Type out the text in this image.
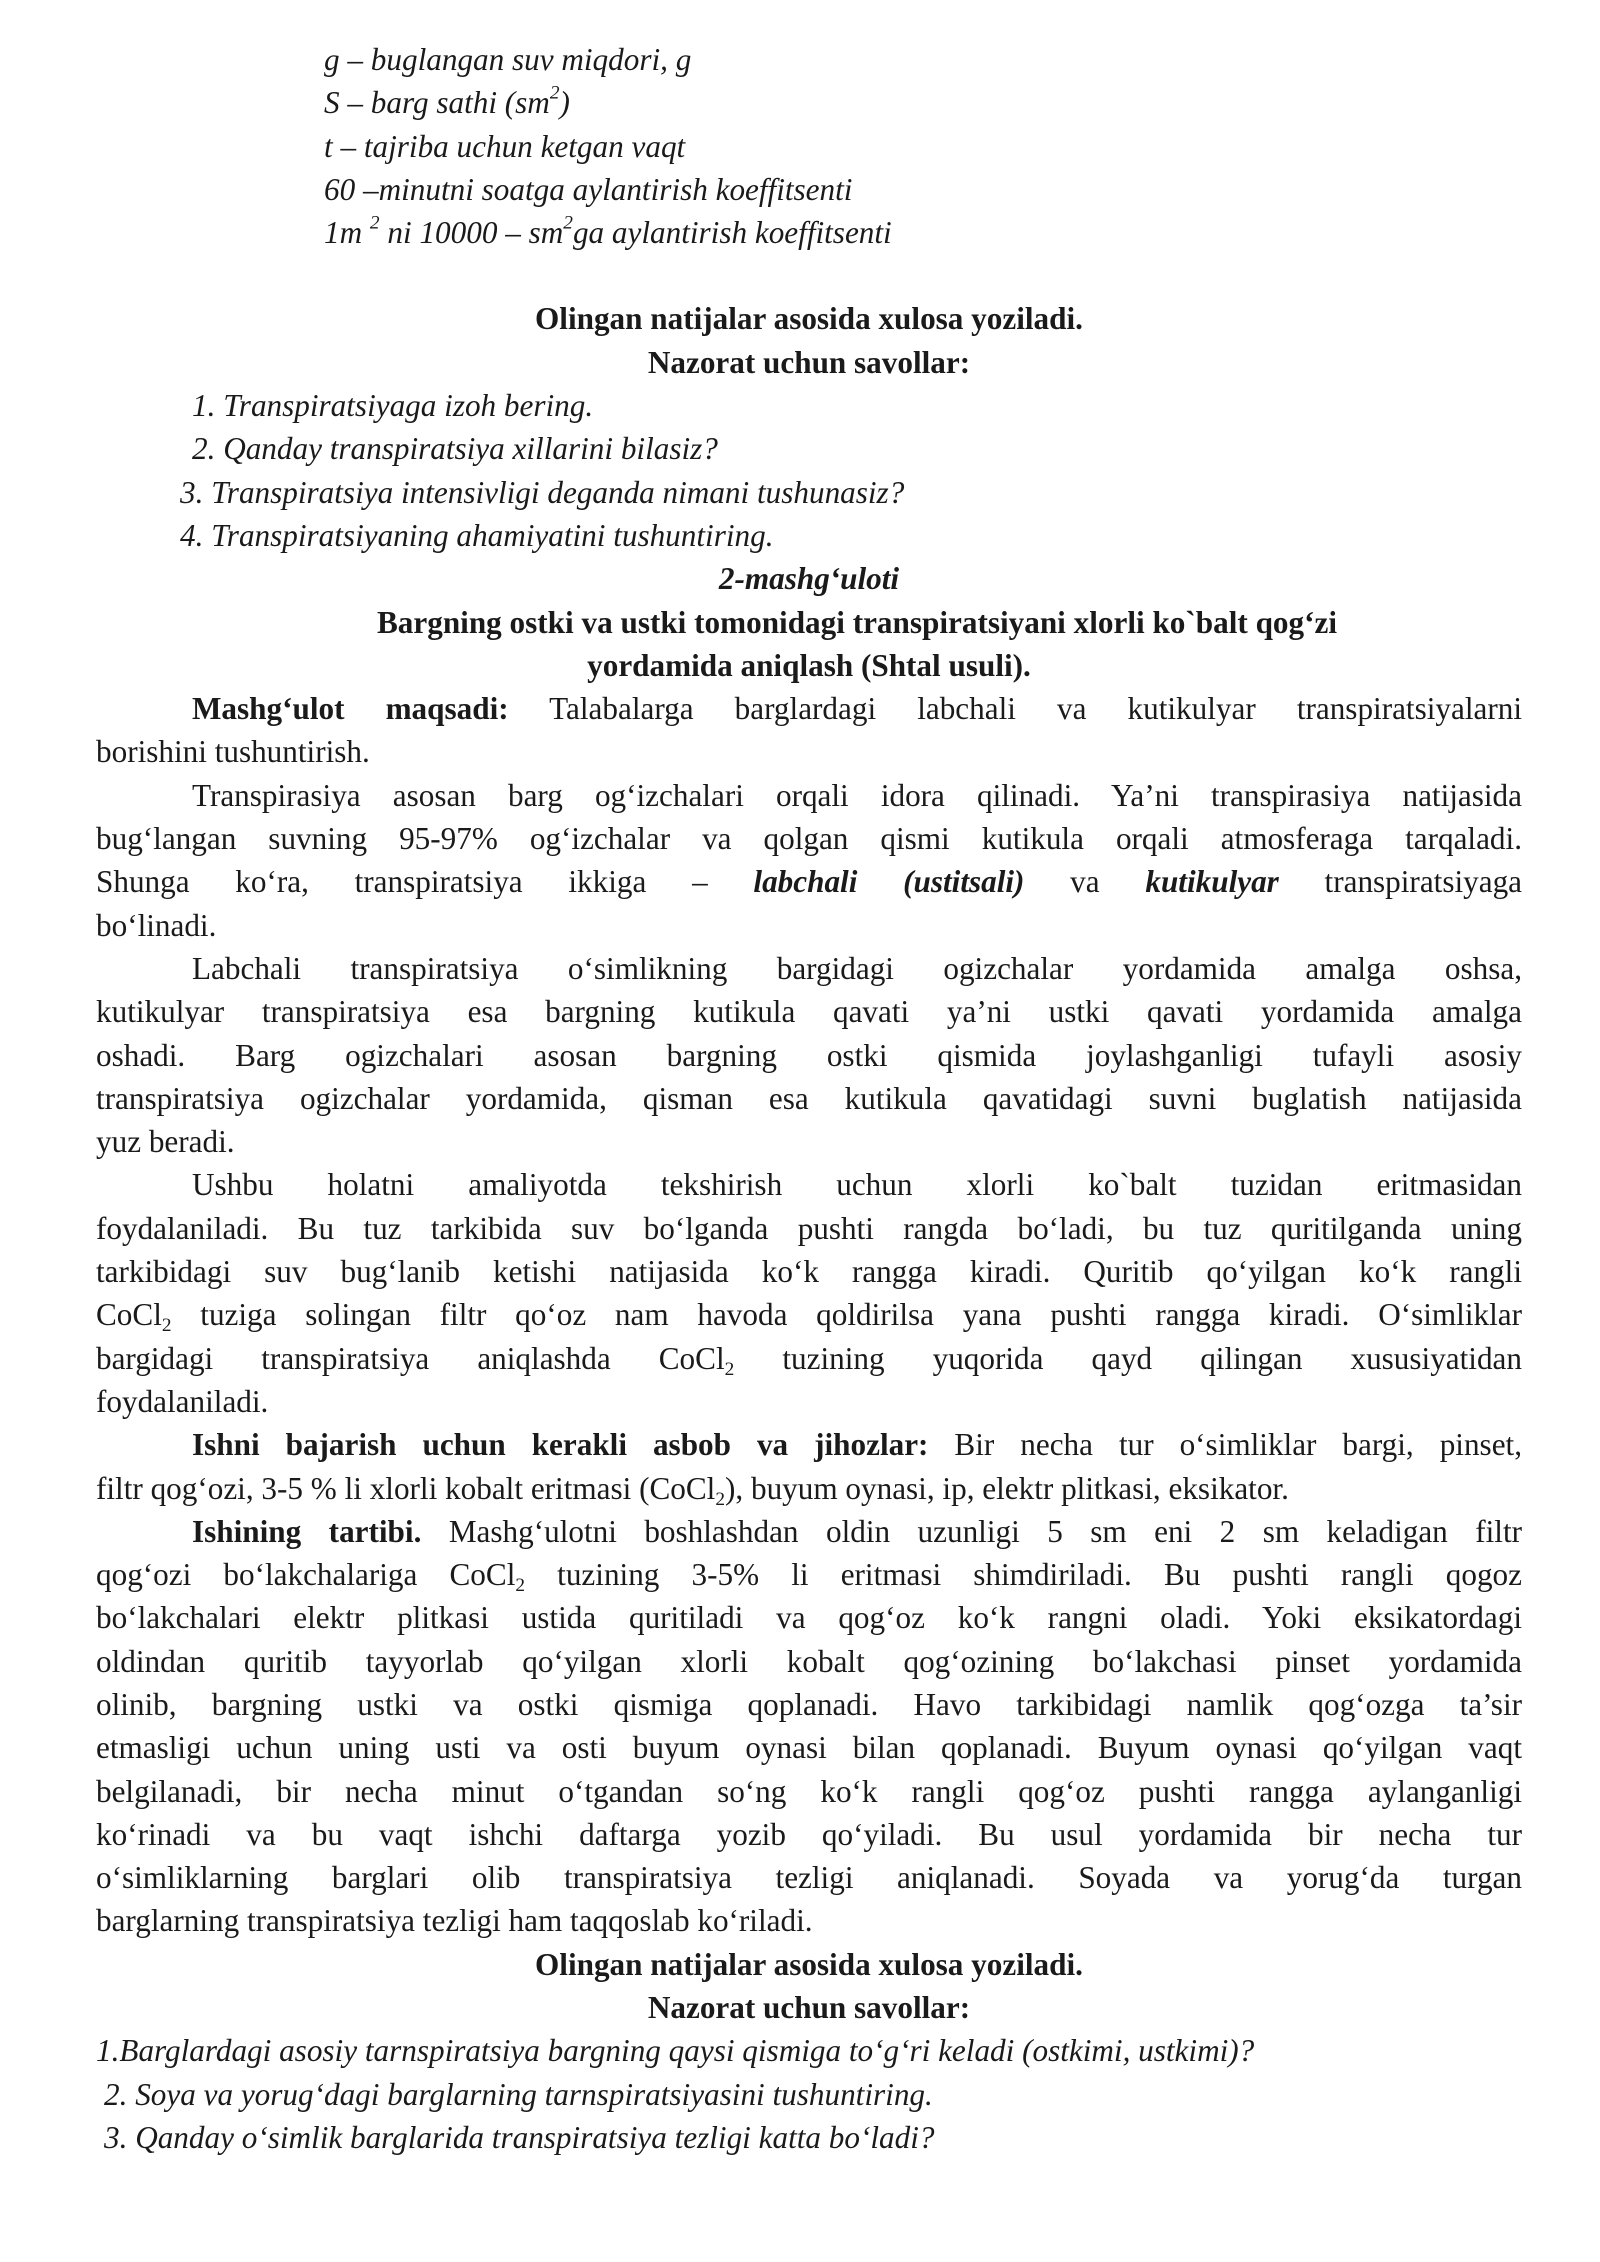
g – buglangan suv miqdori, g

S – barg sathi $(sm^2)$

t – tajriba uchun ketgan vaqt

60 –minutni soatga aylantirish koeffitsenti

1m $^2$ ni $10000 - sm^2ga$ aylantirish koeffitsenti

Olingan natijalar asosida xulosa yoziladi.

Nazorat uchun savollar:

1. Transpiratsiyaga izoh bering.

2. Qanday transpiratsiya xillarini bilasiz?

3. Transpiratsiya intensivligi deganda nimani tushunasiz?

4. Transpiratsiyaning ahamiyatini tushuntiring.

2-mashg‘uloti

Bargning ostki va ustki tomonidagi transpiratsiyani xlorli ko`balt qog‘zi

yordamida aniqlash (Shtal usuli).

Mashg‘ulot maqsadi: Talabalarga barglardagi labchali va kutikulyar transpiratsiyalarni

borishini tushuntirish.

Transpirasiya asosan barg og‘izchalari orqali idora qilinadi. Ya’ni transpirasiya natijasida

bug‘langan suvning 95-97% og‘izchalar va qolgan qismi kutikula orqali atmosferaga tarqaladi.

Shunga ko‘ra, transpiratsiya ikkiga – labchali (ustitsali) va kutikulyar transpiratsiyaga

bo‘linadi.

Labchali transpiratsiya o‘simlikning bargidagi ogizchalar yordamida amalga oshsa,

kutikulyar transpiratsiya esa bargning kutikula qavati ya’ni ustki qavati yordamida amalga

oshadi. Barg ogizchalari asosan bargning ostki qismida joylashganligi tufayli asosiy

transpiratsiya ogizchalar yordamida, qisman esa kutikula qavatidagi suvni buglatish natijasida

yuz beradi.

Ushbu holatni amaliyotda tekshirish uchun xlorli ko`balt tuzidan eritmasidan

foydalaniladi. Bu tuz tarkibida suv bo‘lganda pushti rangda bo‘ladi, bu tuz quritilganda uning

tarkibidagi suv bug‘lanib ketishi natijasida ko‘k rangga kiradi. Quritib qo‘yilgan ko‘k rangli

CoCl$_2$ tuziga solingan filtr qo‘oz nam havoda qoldirilsa yana pushti rangga kiradi. O‘simliklar

bargidagi transpiratsiya aniqlashda CoCl$_2$ tuzining yuqorida qayd qilingan xususiyatidan

foydalaniladi.

Ishni bajarish uchun kerakli asbob va jihozlar: Bir necha tur o‘simliklar bargi, pinset,

filtr qog‘ozi, 3-5 % li xlorli kobalt eritmasi (CoCl$_2$), buyum oynasi, ip, elektr plitkasi, eksikator.

Ishining tartibi. Mashg‘ulotni boshlashdan oldin uzunligi 5 sm eni 2 sm keladigan filtr

qog‘ozi bo‘lakchalariga CoCl$_2$ tuzining 3-5% li eritmasi shimdiriladi. Bu pushti rangli qogoz

bo‘lakchalari elektr plitkasi ustida quritiladi va qog‘oz ko‘k rangni oladi. Yoki eksikatordagi

oldindan quritib tayyorlab qo‘yilgan xlorli kobalt qog‘ozining bo‘lakchasi pinset yordamida

olinib, bargning ustki va ostki qismiga qoplanadi. Havo tarkibidagi namlik qog‘ozga ta’sir

etmasligi uchun uning usti va osti buyum oynasi bilan qoplanadi. Buyum oynasi qo‘yilgan vaqt

belgilanadi, bir necha minut o‘tgandan so‘ng ko‘k rangli qog‘oz pushti rangga aylanganligi

ko‘rinadi va bu vaqt ishchi daftarga yozib qo‘yiladi. Bu usul yordamida bir necha tur

o‘simliklarning barglari olib transpiratsiya tezligi aniqlanadi. Soyada va yorug‘da turgan

barglarning transpiratsiya tezligi ham taqqoslab ko‘riladi.

Olingan natijalar asosida xulosa yoziladi.

Nazorat uchun savollar:

1.Barglardagi asosiy tarnspiratsiya bargning qaysi qismiga to‘g‘ri keladi (ostkimi, ustkimi)?

2. Soya va yorug‘dagi barglarning tarnspiratsiyasini tushuntiring.

3. Qanday o‘simlik barglarida transpiratsiya tezligi katta bo‘ladi?
